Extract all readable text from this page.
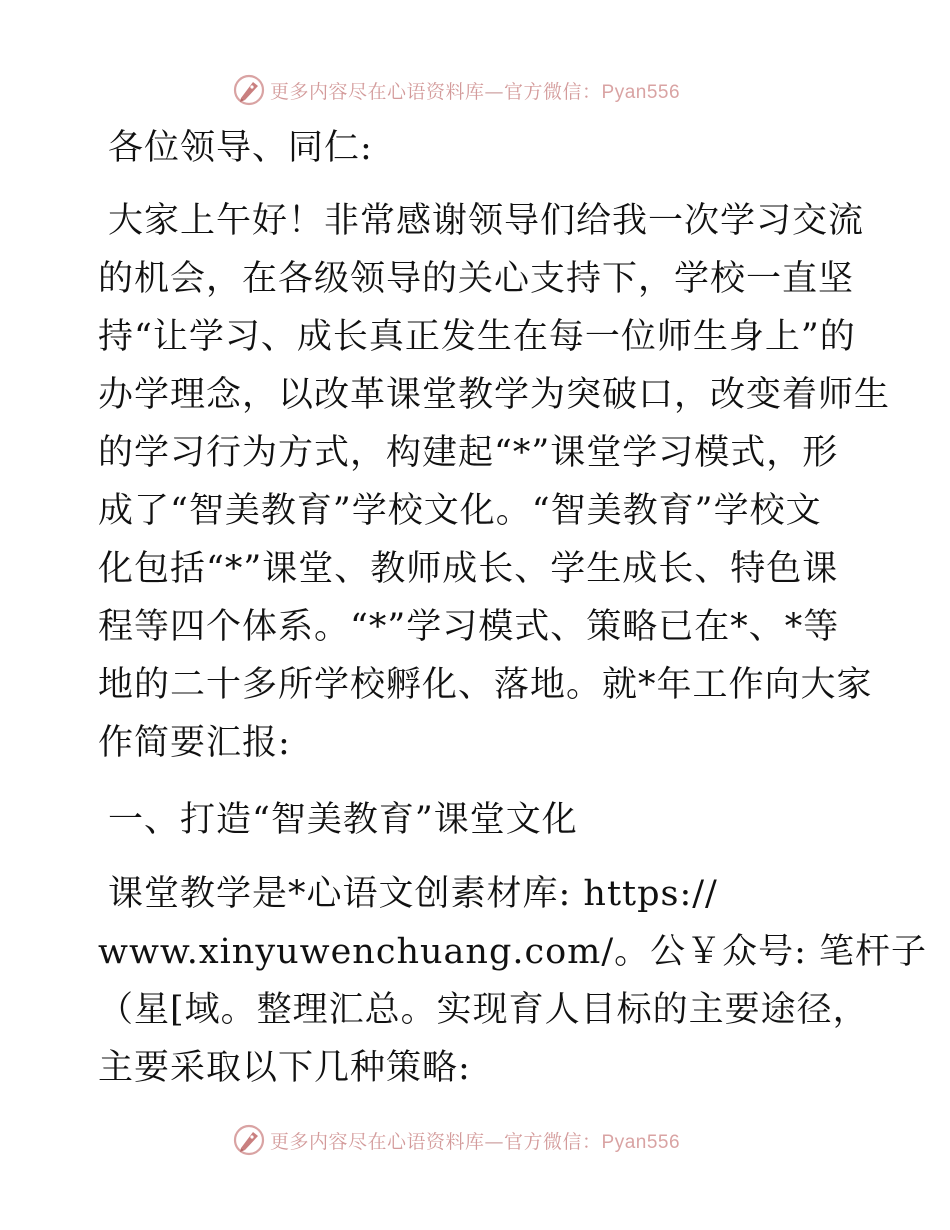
更多内容尽在心语资料库—官方微信：Pyan556
各位领导、同仁:
大家上午好！非常感谢领导们给我一次学习交流
的机会，在各级领导的关心支持下，学校一直坚
持“让学习、成长真正发生在每一位师生身上”的
办学理念，以改革课堂教学为突破口，改变着师生
的学习行为方式，构建起“*”课堂学习模式，形
成了“智美教育”学校文化。“智美教育”学校文
化包括“*”课堂、教师成长、学生成长、特色课
程等四个体系。“*”学习模式、策略已在*、*等
地的二十多所学校孵化、落地。就*年工作向大家
作简要汇报:
一、打造“智美教育”课堂文化
课堂教学是*心语文创素材库: https://
www.xinyuwenchuang.com/。公￥众号: 笔杆子
（星[域。整理汇总。实现育人目标的主要途径，
主要采取以下几种策略:
更多内容尽在心语资料库—官方微信：Pyan556
